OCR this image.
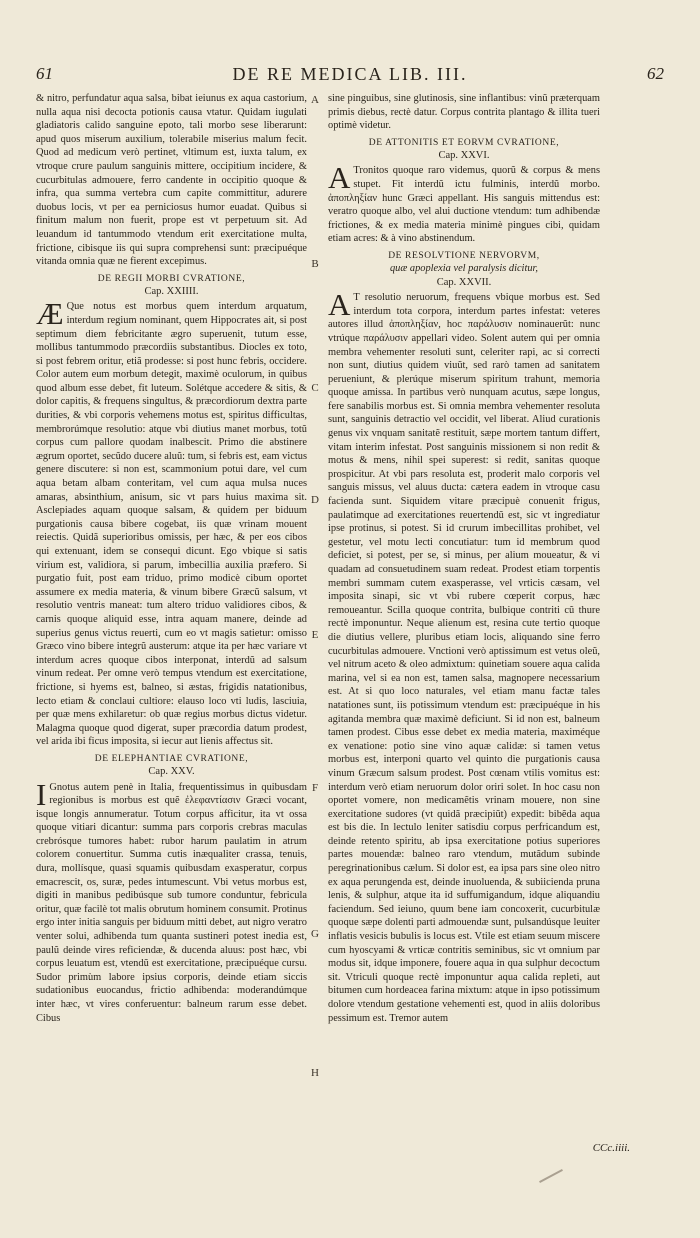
61	DE RE MEDICA LIB. III.	62

& nitro, perfundatur aqua salsa, bibat ieiunus ex aqua castorium, nulla aqua nisi decocta potionis causa vtatur. Quidam iugulati gladiatoris calido sanguine epoto, tali morbo sese liberarunt: apud quos miserum auxilium, tolerabile miserius malum fecit. Quod ad medicum verò pertinet, vltimum est, iuxta talum, ex vtroque crure paulum sanguinis mittere, occipitium incidere, & cucurbitulas admouere, ferro candente in occipitio quoque & infra, qua summa vertebra cum capite committitur, adurere duobus locis, vt per ea perniciosus humor euadat. Quibus si finitum malum non fuerit, prope est vt perpetuum sit. Ad leuandum id tantummodo vtendum erit exercitatione multa, frictione, cibisque iis qui supra comprehensi sunt: præcipuéque vitanda omnia quæ ne fierent excepimus.

DE REGII MORBI CVRATIONE,
Cap. XXIIII.

Æ Que notus est morbus quem interdum arquatum, interdum regium nominant, quem Hippocrates ait, si post septimum diem febricitante ægro superuenit, tutum esse, mollibus tantummodo præcordiis substantibus. Diocles ex toto, si post febrem oritur, etiã prodesse: si post hunc febris, occidere. Color autem eum morbum detegit, maximè oculorum, in quibus quod album esse debet, fit luteum. Solétque accedere & sitis, & dolor capitis, & frequens singultus, & præcordiorum dextra parte durities, & vbi corporis vehemens motus est, spiritus difficultas, membrorúmque resolutio: atque vbi diutius manet morbus, totũ corpus cum pallore quodam inalbescit. Primo die abstinere ægrum oportet, secũdo ducere aluũ: tum, si febris est, eam victus genere discutere: si non est, scammonium potui dare, vel cum aqua betam albam conteritam, vel cum aqua mulsa nuces amaras, absinthium, anisum, sic vt pars huius maxima sit. Asclepiades aquam quoque salsam, & quidem per biduum purgationis causa bibere cogebat, iis quæ vrinam mouent reiectis. Quidã superioribus omissis, per hæc, & per eos cibos qui extenuant, idem se consequi dicunt. Ego vbique si satis virium est, validiora, si parum, imbecillia auxilia præfero. Si purgatio fuit, post eam triduo, primo modicè cibum oportet assumere ex media materia, & vinum bibere Græcũ salsum, vt resolutio ventris maneat: tum altero triduo validiores cibos, & carnis quoque aliquid esse, intra aquam manere, deinde ad superius genus victus reuerti, cum eo vt magis satietur: omisso Græco vino bibere integrũ austerum: atque ita per hæc variare vt interdum acres quoque cibos interponat, interdũ ad salsum vinum redeat. Per omne verò tempus vtendum est exercitatione, frictione, si hyems est, balneo, si æstas, frigidis natationibus, lecto etiam & conclaui cultiore: elauso loco vti ludis, lasciuia, per quæ mens exhilaretur: ob quæ regius morbus dictus videtur. Malagma quoque quod digerat, super præcordia datum prodest, vel arida ibi ficus imposita, si iecur aut lienis affectus sit.

DE ELEPHANTIAE CVRATIONE,
Cap. XXV.

I Gnotus autem penè in Italia, frequentissimus in quibusdam regionibus is morbus est quẽ ἐλεφαντίασιν Græci vocant, isque longis annumeratur. Totum corpus afficitur, ita vt ossa quoque vitiari dicantur: summa pars corporis crebras maculas crebrósque tumores habet: rubor harum paulatim in atrum colorem conuertitur. Summa cutis inæqualiter crassa, tenuis, dura, mollísque, quasi squamis quibusdam exasperatur, corpus emacrescit, os, suræ, pedes intumescunt. Vbi vetus morbus est, digiti in manibus pedibúsque sub tumore conduntur, febricula oritur, quæ facilè tot malis obrutum hominem consumit. Protinus ergo inter initia sanguis per biduum mitti debet, aut nigro veratro venter solui, adhibenda tum quanta sustineri potest inedia est, paulũ deinde vires reficiendæ, & ducenda aluus: post hæc, vbi corpus leuatum est, vtendũ est exercitatione, præcipuéque cursu. Sudor primùm labore ipsius corporis, deinde etiam siccis sudationibus euocandus, frictio adhibenda: moderandúmque inter hæc, vt vires conferuentur: balneum rarum esse debet. Cibus

A
B
C
D
E
F
G
H

sine pinguibus, sine glutinosis, sine inflantibus: vinũ præterquam primis diebus, rectè datur. Corpus contrita plantago & illita tueri optimè videtur.

DE ATTONITIS ET EORVM CVRATIONE,
Cap. XXVI.

A Tronitos quoque raro videmus, quorũ & corpus & mens stupet. Fit interdũ ictu fulminis, interdũ morbo. ἀποπληξίαν hunc Græci appellant. His sanguis mittendus est: veratro quoque albo, vel alui ductione vtendum: tum adhibendæ frictiones, & ex media materia minimè pingues cibi, quidam etiam acres: & à vino abstinendum.

DE RESOLVTIONE NERVORVM,
quæ apoplexia vel paralysis dicitur,
Cap. XXVII.

A T resolutio neruorum, frequens vbique morbus est. Sed interdum tota corpora, interdum partes infestat: veteres autores illud ἀποπληξίαν, hoc παράλυσιν nominauerũt: nunc vtrúque παράλυσιν appellari video. Solent autem qui per omnia membra vehementer resoluti sunt, celeriter rapi, ac si correcti non sunt, diutius quidem viuũt, sed rarò tamen ad sanitatem perueniunt, & plerúque miserum spiritum trahunt, memoria quoque amissa. In partibus verò nunquam acutus, sæpe longus, fere sanabilis morbus est. Si omnia membra vehementer resoluta sunt, sanguinis detractio vel occidit, vel liberat. Aliud curationis genus vix vnquam sanitatẽ restituit, sæpe mortem tantum differt, vitam interim infestat. Post sanguinis missionem si non redit & motus & mens, nihil spei superest: si redit, sanitas quoque prospicitur. At vbi pars resoluta est, proderit malo corporis vel sanguis missus, vel aluus ducta: cætera eadem in vtroque casu facienda sunt. Siquidem vitare præcipuè conuenit frigus, paulatimque ad exercitationes reuertendũ est, sic vt ingrediatur ipse protinus, si potest. Si id crurum imbecillitas prohibet, vel gestetur, vel motu lecti concutiatur: tum id membrum quod deficiet, si potest, per se, si minus, per alium moueatur, & vi quadam ad consuetudinem suam redeat. Prodest etiam torpentis membri summam cutem exasperasse, vel vrticis cæsam, vel imposita sinapi, sic vt vbi rubere cœperit corpus, hæc remoueantur. Scilla quoque contrita, bulbique contriti cũ thure rectè imponuntur. Neque alienum est, resina cute tertio quoque die diutius vellere, pluribus etiam locis, aliquando sine ferro cucurbitulas admouere. Vnctioni verò aptissimum est vetus oleũ, vel nitrum aceto & oleo admixtum: quinetiam souere aqua calida marina, vel si ea non est, tamen salsa, magnopere necessarium est. At si quo loco naturales, vel etiam manu factæ tales natationes sunt, iis potissimum vtendum est: præcipuéque in his agitanda membra quæ maximè deficiunt. Si id non est, balneum tamen prodest. Cibus esse debet ex media materia, maximéque ex venatione: potio sine vino aquæ calidæ: si tamen vetus morbus est, interponi quarto vel quinto die purgationis causa vinum Græcum salsum prodest. Post cœnam vtilis vomitus est: interdum verò etiam neruorum dolor oriri solet. In hoc casu non oportet vomere, non medicamẽtis vrinam mouere, non sine exercitatione sudores (vt quidã præcipiũt) expedit: bibẽda aqua est bis die. In lectulo leniter satisdiu corpus perfricandum est, deinde retento spiritu, ab ipsa exercitatione potius superiores partes mouendæ: balneo raro vtendum, mutãdum subinde peregrinationibus cælum. Si dolor est, ea ipsa pars sine oleo nitro ex aqua perungenda est, deinde inuoluenda, & subiicienda pruna lenis, & sulphur, atque ita id suffumigandum, idque aliquandiu faciendum. Sed ieiuno, quum bene iam concoxerit, cucurbitulæ quoque sæpe dolenti parti admouendæ sunt, pulsandúsque leuiter inflatis vesicis bubulis is locus est. Vtile est etiam seuum miscere cum hyoscyami & vrticæ contritis seminibus, sic vt omnium par modus sit, idque imponere, fouere aqua in qua sulphur decoctum sit. Vtriculi quoque rectè imponuntur aqua calida repleti, aut bitumen cum hordeacea farina mixtum: atque in ipso potissimum dolore vtendum gestatione vehementi est, quod in aliis doloribus pessimum est. Tremor autem

CCc.iiii.
